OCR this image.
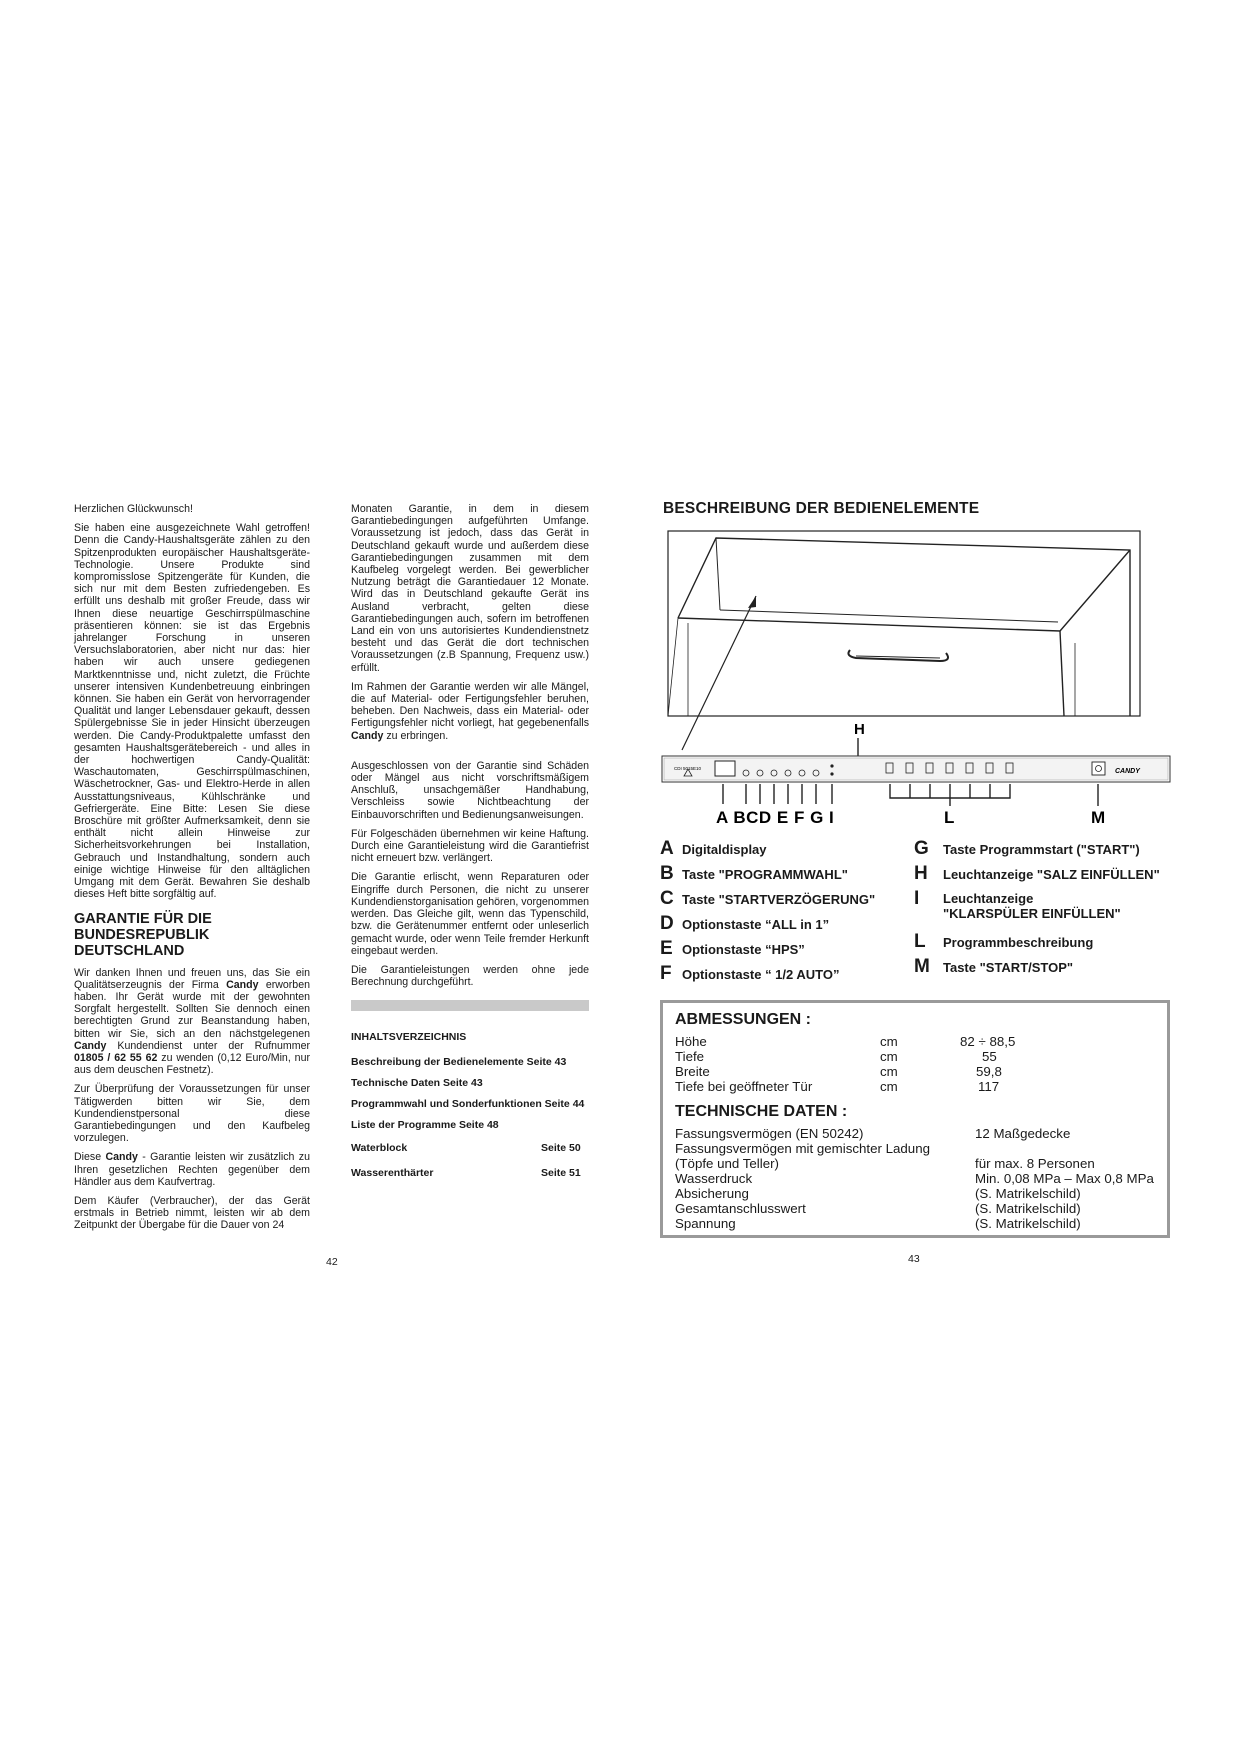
Herzlichen Glückwunsch!

Sie haben eine ausgezeichnete Wahl getroffen! Denn die Candy-Haushaltsgeräte zählen zu den Spitzenprodukten europäischer Haushaltsgeräte-Technologie. Unsere Produkte sind kompromisslose Spitzengeräte für Kunden, die sich nur mit dem Besten zufriedengeben. Es erfüllt uns deshalb mit großer Freude, dass wir Ihnen diese neuartige Geschirrspülmaschine präsentieren können: sie ist das Ergebnis jahrelanger Forschung in unseren Versuchslaboratorien, aber nicht nur das: hier haben wir auch unsere gediegenen Marktkenntnisse und, nicht zuletzt, die Früchte unserer intensiven Kundenbetreuung einbringen können. Sie haben ein Gerät von hervorragender Qualität und langer Lebensdauer gekauft, dessen Spülergebnisse Sie in jeder Hinsicht überzeugen werden. Die Candy-Produktpalette umfasst den gesamten Haushaltsgerätebereich - und alles in der hochwertigen Candy-Qualität: Waschautomaten, Geschirrspülmaschinen, Wäschetrockner, Gas- und Elektro-Herde in allen Ausstattungsniveaus, Kühlschränke und Gefriergeräte. Eine Bitte: Lesen Sie diese Broschüre mit größter Aufmerksamkeit, denn sie enthält nicht allein Hinweise zur Sicherheitsvorkehrungen bei Installation, Gebrauch und Instandhaltung, sondern auch einige wichtige Hinweise für den alltäglichen Umgang mit dem Gerät. Bewahren Sie deshalb dieses Heft bitte sorgfältig auf.

GARANTIE FÜR DIE BUNDESREPUBLIK DEUTSCHLAND

Wir danken Ihnen und freuen uns, das Sie ein Qualitätserzeugnis der Firma Candy erworben haben. Ihr Gerät wurde mit der gewohnten Sorgfalt hergestellt. Sollten Sie dennoch einen berechtigten Grund zur Beanstandung haben, bitten wir Sie, sich an den nächstgelegenen Candy Kundendienst unter der Rufnummer 01805 / 62 55 62 zu wenden (0,12 Euro/Min, nur aus dem deuschen Festnetz).

Zur Überprüfung der Voraussetzungen für unser Tätigwerden bitten wir Sie, dem Kundendienstpersonal diese Garantiebedingungen und den Kaufbeleg vorzulegen.

Diese Candy - Garantie leisten wir zusätzlich zu Ihren gesetzlichen Rechten gegenüber dem Händler aus dem Kaufvertrag.

Dem Käufer (Verbraucher), der das Gerät erstmals in Betrieb nimmt, leisten wir ab dem Zeitpunkt der Übergabe für die Dauer von 24

Monaten Garantie, in dem in diesem Garantiebedingungen aufgeführten Umfange. Voraussetzung ist jedoch, dass das Gerät in Deutschland gekauft wurde und außerdem diese Garantiebedingungen zusammen mit dem Kaufbeleg vorgelegt werden. Bei gewerblicher Nutzung beträgt die Garantiedauer 12 Monate. Wird das in Deutschland gekaufte Gerät ins Ausland verbracht, gelten diese Garantiebedingungen auch, sofern im betroffenen Land ein von uns autorisiertes Kundendienstnetz besteht und das Gerät die dort technischen Voraussetzungen (z.B Spannung, Frequenz usw.) erfüllt.

Im Rahmen der Garantie werden wir alle Mängel, die auf Material- oder Fertigungsfehler beruhen, beheben. Den Nachweis, dass ein Material- oder Fertigungsfehler nicht vorliegt, hat gegebenenfalls Candy zu erbringen.

Ausgeschlossen von der Garantie sind Schäden oder Mängel aus nicht vorschriftsmäßigem Anschluß, unsachgemäßer Handhabung, Verschleiss sowie Nichtbeachtung der Einbauvorschriften und Bedienungsanweisungen.

Für Folgeschäden übernehmen wir keine Haftung. Durch eine Garantieleistung wird die Garantiefrist nicht erneuert bzw. verlängert.

Die Garantie erlischt, wenn Reparaturen oder Eingriffe durch Personen, die nicht zu unserer Kundendienstorganisation gehören, vorgenommen werden. Das Gleiche gilt, wenn das Typenschild, bzw. die Gerätenummer entfernt oder unleserlich gemacht wurde, oder wenn Teile fremder Herkunft eingebaut werden.

Die Garantieleistungen werden ohne jede Berechnung durchgeführt.

INHALTSVERZEICHNIS
Beschreibung der Bedienelemente Seite 43
Technische Daten Seite 43
Programmwahl und Sonderfunktionen Seite 44
Liste der Programme Seite 48
Waterblock	Seite 50
Wasserenthärter	Seite 51
42
BESCHREIBUNG DER BEDIENELEMENTE
H
CDI 5015E10	CANDY
A BCD E F G I	L	M
A Digitaldisplay
B Taste "PROGRAMMWAHL"
C Taste "STARTVERZÖGERUNG"
D Optionstaste “ALL in 1”
E Optionstaste “HPS”
F Optionstaste “ 1/2 AUTO”
G	Taste Programmstart ("START")
H	Leuchtanzeige "SALZ EINFÜLLEN"
I	Leuchtanzeige
"KLARSPÜLER EINFÜLLEN"
L	Programmbeschreibung
M	Taste "START/STOP"
ABMESSUNGEN :
Höhe	cm	82 ÷ 88,5
Tiefe	cm	55
Breite	cm	59,8
Tiefe bei geöffneter Tür	cm	117
TECHNISCHE DATEN :
Fassungsvermögen (EN 50242)	12 Maßgedecke
Fassungsvermögen mit gemischter Ladung
(Töpfe und Teller)	für max. 8 Personen
Wasserdruck	Min. 0,08 MPa – Max 0,8 MPa
Absicherung	(S. Matrikelschild)
Gesamtanschlusswert	(S. Matrikelschild)
Spannung	(S. Matrikelschild)
43
